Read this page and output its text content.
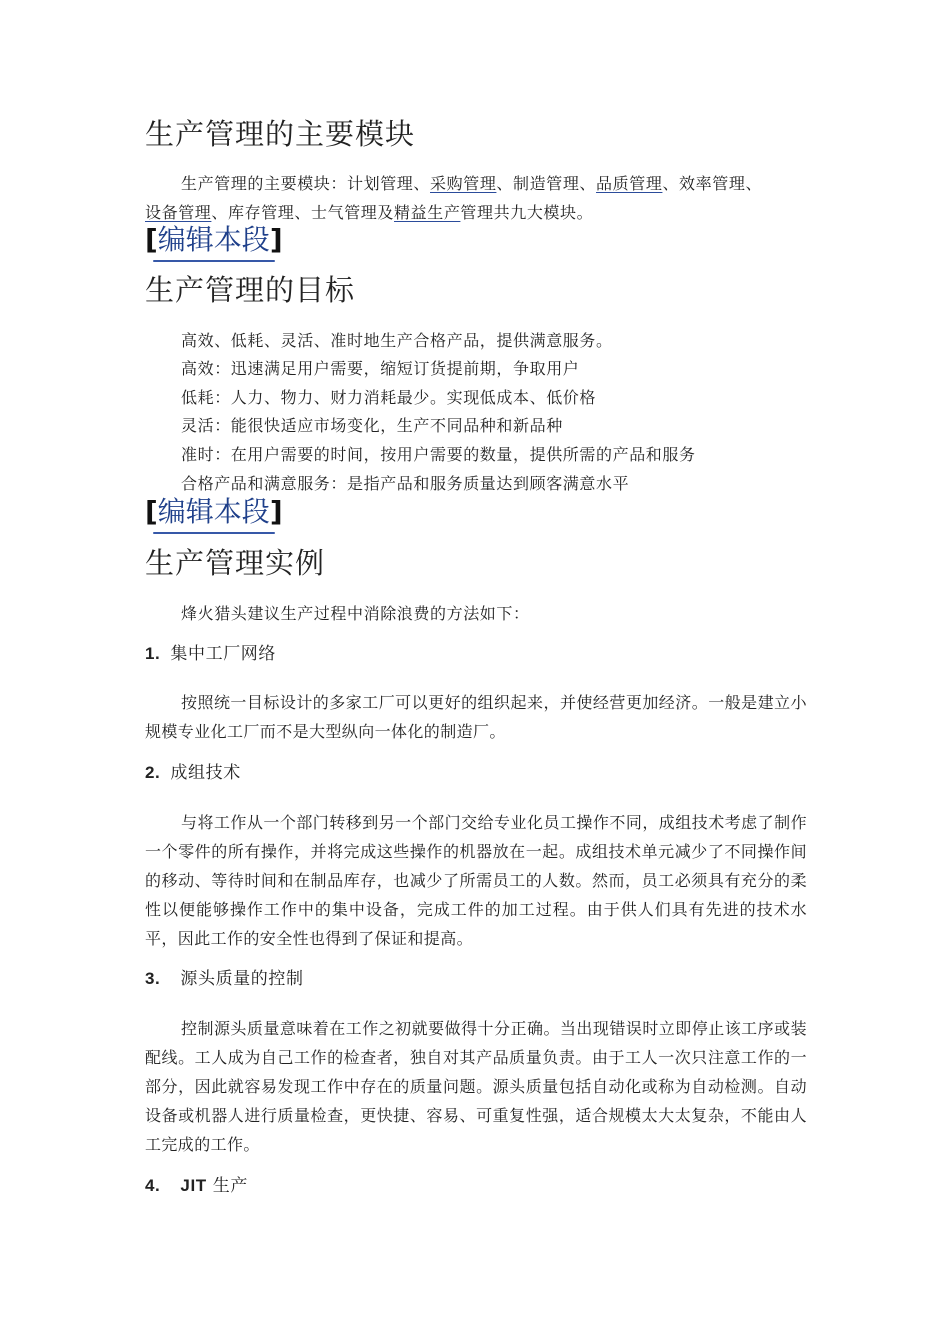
生产管理的主要模块
生产管理的主要模块：计划管理、采购管理、制造管理、品质管理、效率管理、
设备管理、库存管理、士气管理及精益生产管理共九大模块。
[编辑本段]
生产管理的目标
高效、低耗、灵活、准时地生产合格产品，提供满意服务。
高效：迅速满足用户需要，缩短订货提前期，争取用户
低耗：人力、物力、财力消耗最少。实现低成本、低价格
灵活：能很快适应市场变化，生产不同品种和新品种
准时：在用户需要的时间，按用户需要的数量，提供所需的产品和服务
合格产品和满意服务：是指产品和服务质量达到顾客满意水平
[编辑本段]
生产管理实例
烽火猎头建议生产过程中消除浪费的方法如下：
1. 集中工厂网络
按照统一目标设计的多家工厂可以更好的组织起来，并使经营更加经济。一般是建立小规模专业化工厂而不是大型纵向一体化的制造厂。
2. 成组技术
与将工作从一个部门转移到另一个部门交给专业化员工操作不同，成组技术考虑了制作一个零件的所有操作，并将完成这些操作的机器放在一起。成组技术单元减少了不同操作间的移动、等待时间和在制品库存，也减少了所需员工的人数。然而，员工必须具有充分的柔性以便能够操作工作中的集中设备，完成工件的加工过程。由于供人们具有先进的技术水平，因此工作的安全性也得到了保证和提高。
3. 源头质量的控制
控制源头质量意味着在工作之初就要做得十分正确。当出现错误时立即停止该工序或装配线。工人成为自己工作的检查者，独自对其产品质量负责。由于工人一次只注意工作的一部分，因此就容易发现工作中存在的质量问题。源头质量包括自动化或称为自动检测。自动设备或机器人进行质量检查，更快捷、容易、可重复性强，适合规模太大太复杂，不能由人工完成的工作。
4. JIT 生产
